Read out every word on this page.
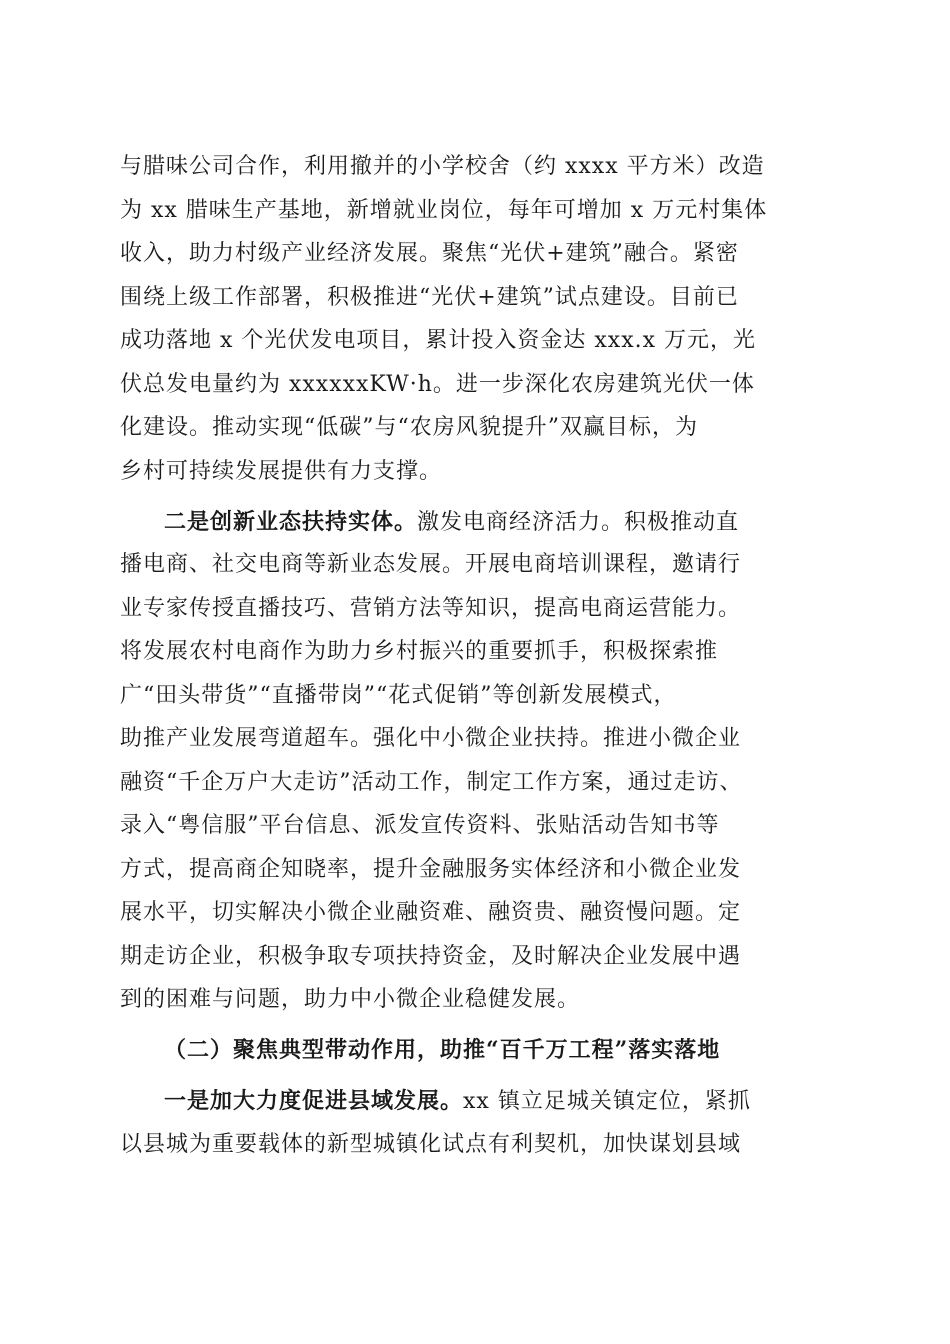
与腊味公司合作，利用撤并的小学校舍（约 xxxx 平方米）改造
为 xx 腊味生产基地，新增就业岗位，每年可增加 x 万元村集体
收入，助力村级产业经济发展。聚焦“光伏+建筑”融合。紧密
围绕上级工作部署，积极推进“光伏+建筑”试点建设。目前已
成功落地 x 个光伏发电项目，累计投入资金达 xxx.x 万元，光
伏总发电量约为 xxxxxxKW·h。进一步深化农房建筑光伏一体
化建设。推动实现“低碳”与“农房风貌提升”双赢目标，为
乡村可持续发展提供有力支撑。
二是创新业态扶持实体。激发电商经济活力。积极推动直
播电商、社交电商等新业态发展。开展电商培训课程，邀请行
业专家传授直播技巧、营销方法等知识，提高电商运营能力。
将发展农村电商作为助力乡村振兴的重要抓手，积极探索推
广“田头带货”“直播带岗”“花式促销”等创新发展模式，
助推产业发展弯道超车。强化中小微企业扶持。推进小微企业
融资“千企万户大走访”活动工作，制定工作方案，通过走访、
录入“粤信服”平台信息、派发宣传资料、张贴活动告知书等
方式，提高商企知晓率，提升金融服务实体经济和小微企业发
展水平，切实解决小微企业融资难、融资贵、融资慢问题。定
期走访企业，积极争取专项扶持资金，及时解决企业发展中遇
到的困难与问题，助力中小微企业稳健发展。
（二）聚焦典型带动作用，助推“百千万工程”落实落地
一是加大力度促进县域发展。xx 镇立足城关镇定位，紧抓
以县城为重要载体的新型城镇化试点有利契机，加快谋划县域
